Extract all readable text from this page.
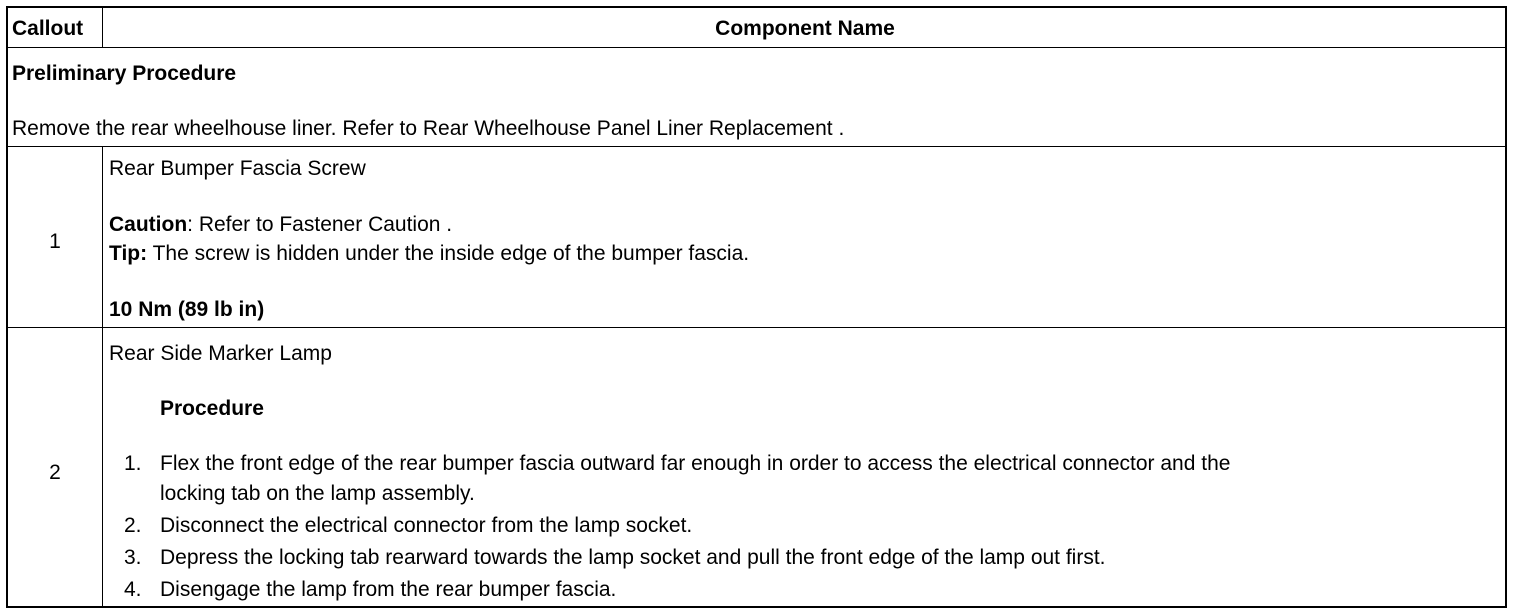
Callout	Component Name
Preliminary Procedure
Remove the rear wheelhouse liner. Refer to Rear Wheelhouse Panel Liner Replacement .
1
Rear Bumper Fascia Screw
Caution: Refer to Fastener Caution .
Tip: The screw is hidden under the inside edge of the bumper fascia.
10 Nm (89 lb in)
2
Rear Side Marker Lamp
Procedure
1. Flex the front edge of the rear bumper fascia outward far enough in order to access the electrical connector and the
locking tab on the lamp assembly.
2. Disconnect the electrical connector from the lamp socket.
3. Depress the locking tab rearward towards the lamp socket and pull the front edge of the lamp out first.
4. Disengage the lamp from the rear bumper fascia.
